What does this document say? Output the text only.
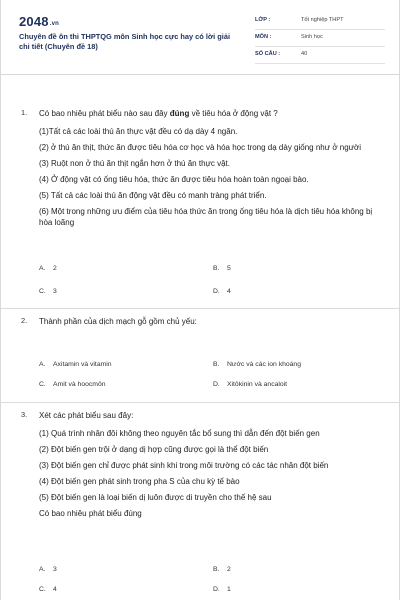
2048.vn
Chuyên đề ôn thi THPTQG môn Sinh học cực hay có lời giải chi tiết (Chuyên đề 18)
LỚP :	Tốt nghiệp THPT
MÔN :	Sinh học
SỐ CÂU :	40
1. Có bao nhiêu phát biểu nào sau đây đúng về tiêu hóa ở động vật ?
(1)Tất cả các loài thú ăn thực vật đều có dạ dày 4 ngăn.
(2) ở thú ăn thịt, thức ăn được tiêu hóa cơ học và hóa học trong dạ dày giống như ở người
(3) Ruột non ở thú ăn thịt ngắn hơn ở thú ăn thực vật.
(4) Ở động vật có ống tiêu hóa, thức ăn được tiêu hóa hoàn toàn ngoại bào.
(5) Tất cả các loài thú ăn động vật đều có manh tràng phát triển.
(6) Một trong những ưu điểm của tiêu hóa thức ăn trong ống tiêu hóa là dịch tiêu hóa không bị hòa loãng
A. 2	B. 5
C. 3	D. 4
2. Thành phần của dịch mạch gỗ gồm chủ yếu:
A. Axitamin và vitamin	B. Nước và các ion khoáng
C. Amit và hoocmôn	D. Xitôkinin và ancaloit
3. Xét các phát biểu sau đây:
(1) Quá trình nhân đôi không theo nguyên tắc bổ sung thì dẫn đến đột biến gen
(2) Đột biến gen trội ở dạng dị hợp cũng được gọi là thể đột biến
(3) Đột biến gen chỉ được phát sinh khi trong môi trường có các tác nhân đột biến
(4) Đột biến gen phát sinh trong pha S của chu kỳ tế bào
(5) Đột biến gen là loại biến dị luôn được di truyền cho thế hệ sau
Có bao nhiêu phát biểu đúng
A. 3	B. 2
C. 4	D. 1
